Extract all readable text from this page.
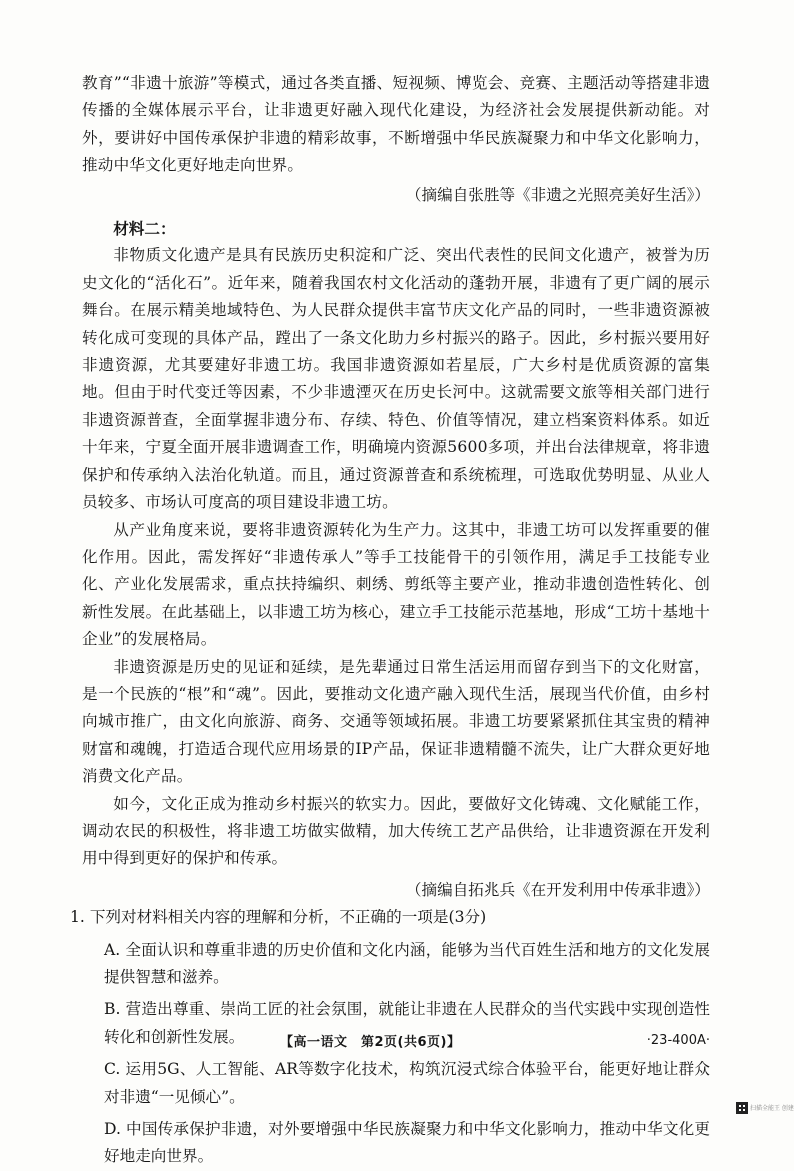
教育”“非遗十旅游”等模式，通过各类直播、短视频、博览会、竞赛、主题活动等搭建非遗传播的全媒体展示平台，让非遗更好融入现代化建设，为经济社会发展提供新动能。对外，要讲好中国传承保护非遗的精彩故事，不断增强中华民族凝聚力和中华文化影响力，推动中华文化更好地走向世界。

（摘编自张胜等《非遗之光照亮美好生活》）

材料二：

非物质文化遗产是具有民族历史积淀和广泛、突出代表性的民间文化遗产，被誉为历史文化的“活化石”。近年来，随着我国农村文化活动的蓬勃开展，非遗有了更广阔的展示舞台。在展示精美地域特色、为人民群众提供丰富节庆文化产品的同时，一些非遗资源被转化成可变现的具体产品，蹚出了一条文化助力乡村振兴的路子。因此，乡村振兴要用好非遗资源，尤其要建好非遗工坊。我国非遗资源如若星辰，广大乡村是优质资源的富集地。但由于时代变迁等因素，不少非遗湮灭在历史长河中。这就需要文旅等相关部门进行非遗资源普查，全面掌握非遗分布、存续、特色、价值等情况，建立档案资料体系。如近十年来，宁夏全面开展非遗调查工作，明确境内资源5600多项，并出台法律规章，将非遗保护和传承纳入法治化轨道。而且，通过资源普查和系统梳理，可选取优势明显、从业人员较多、市场认可度高的项目建设非遗工坊。

从产业角度来说，要将非遗资源转化为生产力。这其中，非遗工坊可以发挥重要的催化作用。因此，需发挥好“非遗传承人”等手工技能骨干的引领作用，满足手工技能专业化、产业化发展需求，重点扶持编织、刺绣、剪纸等主要产业，推动非遗创造性转化、创新性发展。在此基础上，以非遗工坊为核心，建立手工技能示范基地，形成“工坊十基地十企业”的发展格局。

非遗资源是历史的见证和延续，是先辈通过日常生活运用而留存到当下的文化财富，是一个民族的“根”和“魂”。因此，要推动文化遗产融入现代生活，展现当代价值，由乡村向城市推广，由文化向旅游、商务、交通等领域拓展。非遗工坊要紧紧抓住其宝贵的精神财富和魂魄，打造适合现代应用场景的IP产品，保证非遗精髓不流失，让广大群众更好地消费文化产品。

如今，文化正成为推动乡村振兴的软实力。因此，要做好文化铸魂、文化赋能工作，调动农民的积极性，将非遗工坊做实做精，加大传统工艺产品供给，让非遗资源在开发利用中得到更好的保护和传承。

（摘编自拓兆兵《在开发利用中传承非遗》）

1. 下列对材料相关内容的理解和分析，不正确的一项是(3分)

A. 全面认识和尊重非遗的历史价值和文化内涵，能够为当代百姓生活和地方的文化发展提供智慧和滋养。

B. 营造出尊重、崇尚工匠的社会氛围，就能让非遗在人民群众的当代实践中实现创造性转化和创新性发展。

C. 运用5G、人工智能、AR等数字化技术，构筑沉浸式综合体验平台，能更好地让群众对非遗“一见倾心”。

D. 中国传承保护非遗，对外要增强中华民族凝聚力和中华文化影响力，推动中华文化更好地走向世界。

【高一语文　第2页(共6页)】	·23-400A·
扫描全能王 创建
